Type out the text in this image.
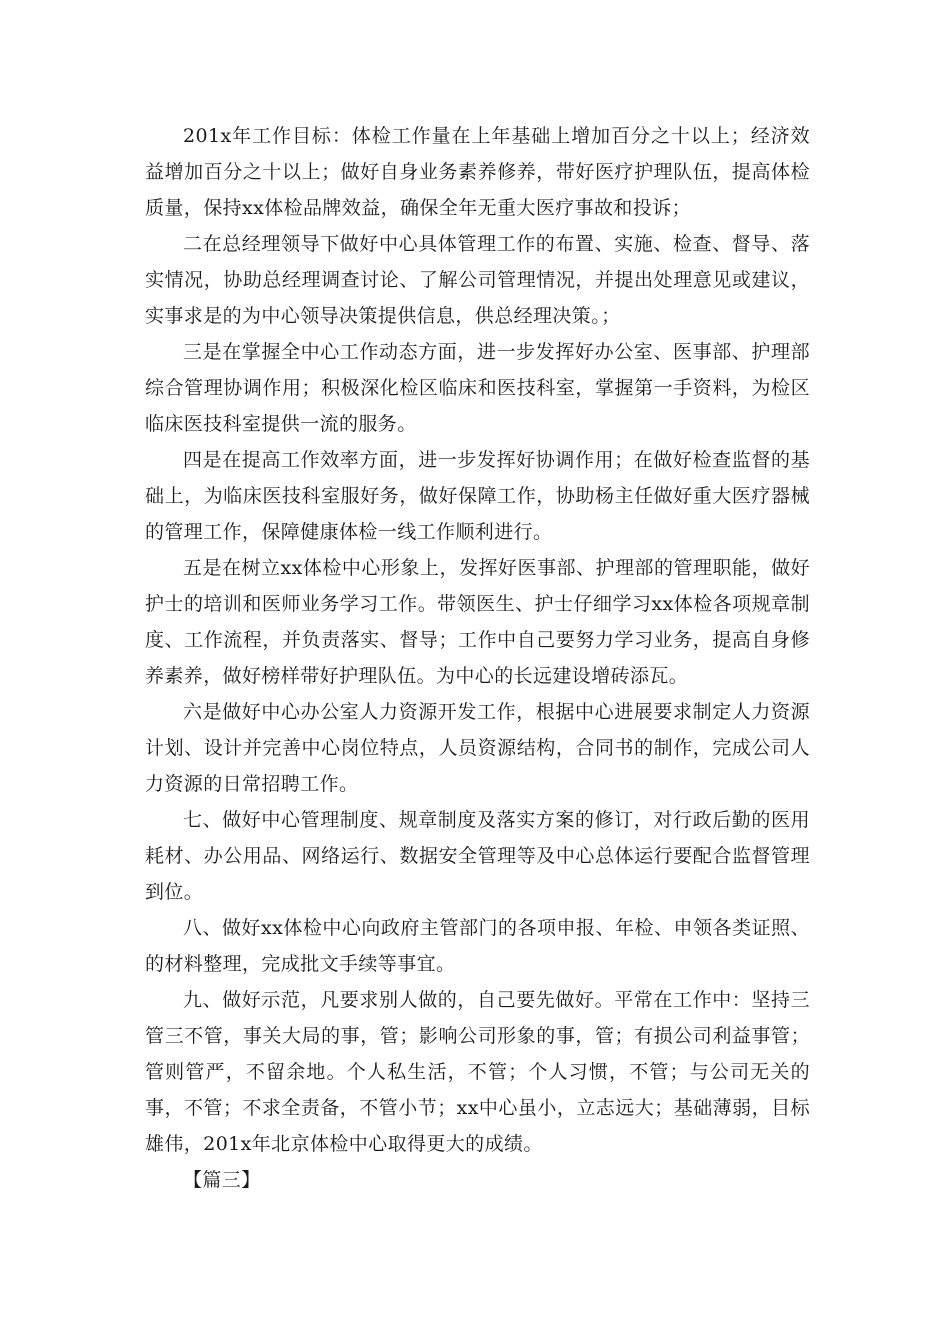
201x年工作目标：体检工作量在上年基础上增加百分之十以上；经济效益增加百分之十以上；做好自身业务素养修养，带好医疗护理队伍，提高体检质量，保持xx体检品牌效益，确保全年无重大医疗事故和投诉；

二在总经理领导下做好中心具体管理工作的布置、实施、检查、督导、落实情况，协助总经理调查讨论、了解公司管理情况，并提出处理意见或建议，实事求是的为中心领导决策提供信息，供总经理决策。；

三是在掌握全中心工作动态方面，进一步发挥好办公室、医事部、护理部综合管理协调作用；积极深化检区临床和医技科室，掌握第一手资料，为检区临床医技科室提供一流的服务。

四是在提高工作效率方面，进一步发挥好协调作用；在做好检查监督的基础上，为临床医技科室服好务，做好保障工作，协助杨主任做好重大医疗器械的管理工作，保障健康体检一线工作顺利进行。

五是在树立xx体检中心形象上，发挥好医事部、护理部的管理职能，做好护士的培训和医师业务学习工作。带领医生、护士仔细学习xx体检各项规章制度、工作流程，并负责落实、督导；工作中自己要努力学习业务，提高自身修养素养，做好榜样带好护理队伍。为中心的长远建设增砖添瓦。

六是做好中心办公室人力资源开发工作，根据中心进展要求制定人力资源计划、设计并完善中心岗位特点，人员资源结构，合同书的制作，完成公司人力资源的日常招聘工作。

七、做好中心管理制度、规章制度及落实方案的修订，对行政后勤的医用耗材、办公用品、网络运行、数据安全管理等及中心总体运行要配合监督管理到位。

八、做好xx体检中心向政府主管部门的各项申报、年检、申领各类证照、的材料整理，完成批文手续等事宜。

九、做好示范，凡要求别人做的，自己要先做好。平常在工作中：坚持三管三不管，事关大局的事，管；影响公司形象的事，管；有损公司利益事管；管则管严，不留余地。个人私生活，不管；个人习惯，不管；与公司无关的事，不管；不求全责备，不管小节；xx中心虽小，立志远大；基础薄弱，目标雄伟，201x年北京体检中心取得更大的成绩。

【篇三】
